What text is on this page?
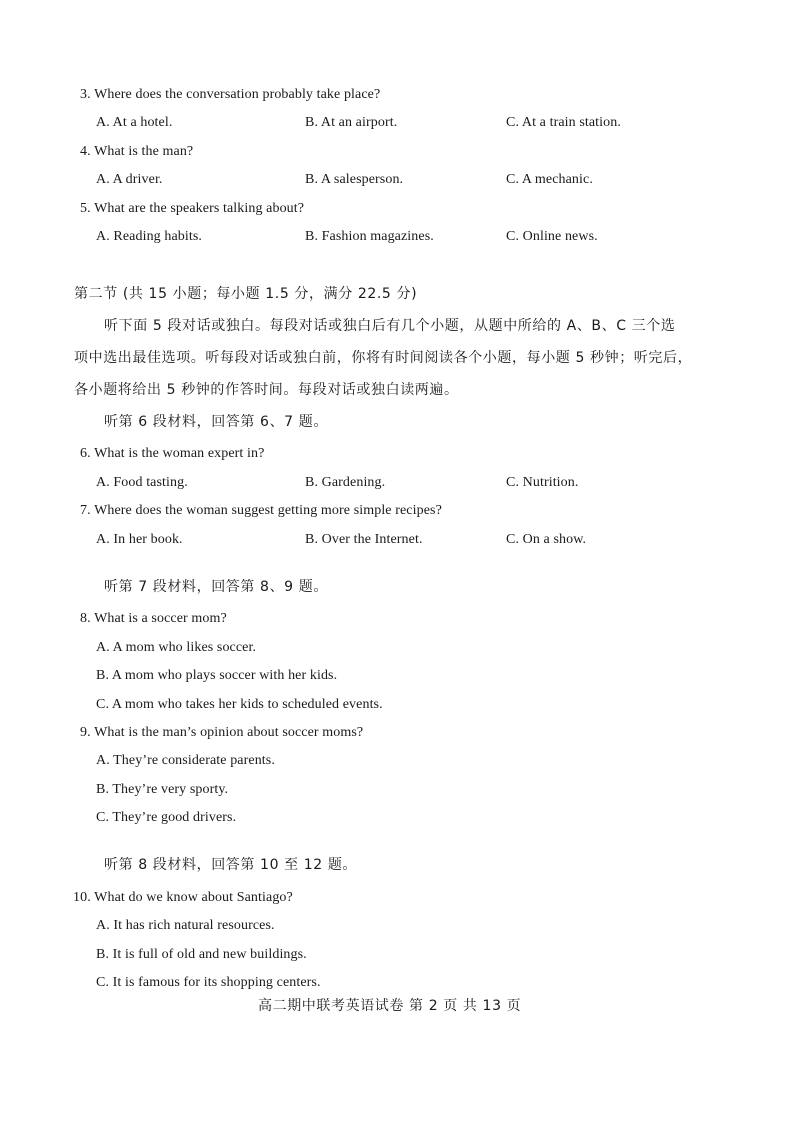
3. Where does the conversation probably take place?
A. At a hotel.	B. At an airport.	C. At a train station.
4. What is the man?
A. A driver.	B. A salesperson.	C. A mechanic.
5. What are the speakers talking about?
A. Reading habits.	B. Fashion magazines.	C. Online news.
第二节 (共 15 小题；每小题 1.5 分，满分 22.5 分)
听下面 5 段对话或独白。每段对话或独白后有几个小题，从题中所给的 A、B、C 三个选
项中选出最佳选项。听每段对话或独白前，你将有时间阅读各个小题，每小题 5 秒钟；听完后，
各小题将给出 5 秒钟的作答时间。每段对话或独白读两遍。
听第 6 段材料，回答第 6、7 题。
6. What is the woman expert in?
A. Food tasting.	B. Gardening.	C. Nutrition.
7. Where does the woman suggest getting more simple recipes?
A. In her book.	B. Over the Internet.	C. On a show.
听第 7 段材料，回答第 8、9 题。
8. What is a soccer mom?
A. A mom who likes soccer.
B. A mom who plays soccer with her kids.
C. A mom who takes her kids to scheduled events.
9. What is the man’s opinion about soccer moms?
A. They’re considerate parents.
B. They’re very sporty.
C. They’re good drivers.
听第 8 段材料，回答第 10 至 12 题。
10. What do we know about Santiago?
A. It has rich natural resources.
B. It is full of old and new buildings.
C. It is famous for its shopping centers.
高二期中联考英语试卷 第 2 页 共 13 页
